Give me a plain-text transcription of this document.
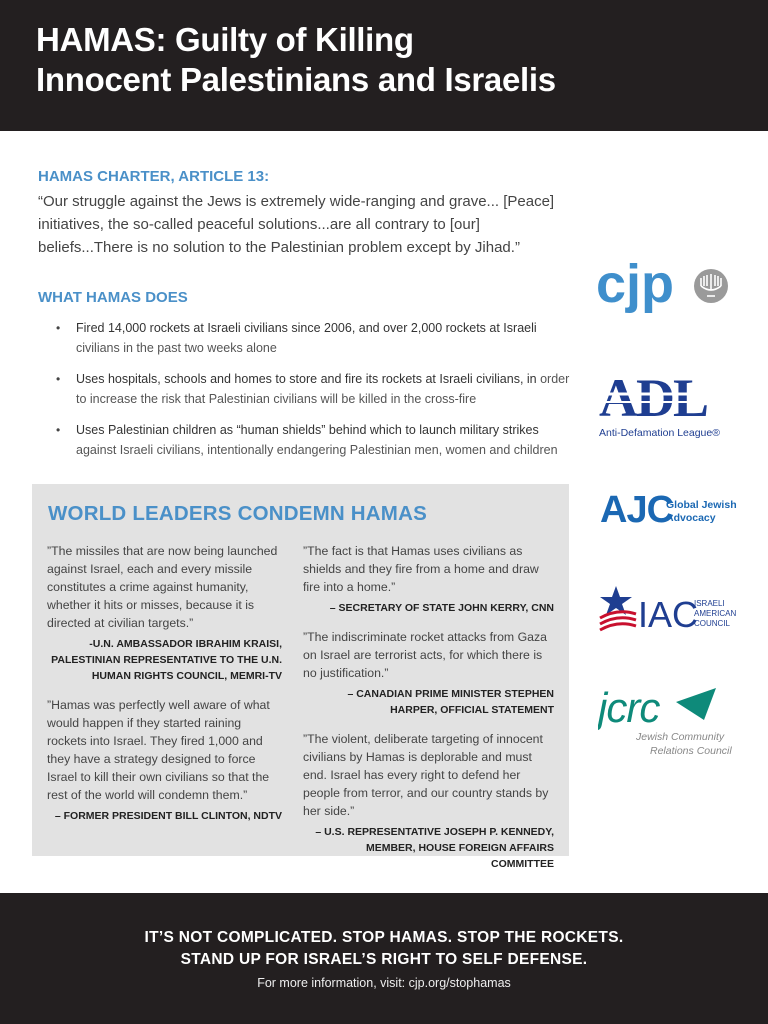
HAMAS: Guilty of Killing
Innocent Palestinians and Israelis
HAMAS CHARTER, ARTICLE 13:

“Our struggle against the Jews is extremely wide-ranging and grave... [Peace] initiatives, the so-called peaceful solutions...are all contrary to [our] beliefs...There is no solution to the Palestinian problem except by Jihad.”

WHAT HAMAS DOES
• Fired 14,000 rockets at Israeli civilians since 2006, and over 2,000 rockets at Israeli civilians in the past two weeks alone
• Uses hospitals, schools and homes to store and fire its rockets at Israeli civilians, in order to increase the risk that Palestinian civilians will be killed in the cross-fire
• Uses Palestinian children as “human shields” behind which to launch military strikes against Israeli civilians, intentionally endangering Palestinian men, women and children
WORLD LEADERS CONDEMN HAMAS

”The missiles that are now being launched against Israel, each and every missile constitutes a crime against humanity, whether it hits or misses, because it is directed at civilian targets.”

-U.N. AMBASSADOR IBRAHIM KRAISI, PALESTINIAN REPRESENTATIVE TO THE U.N. HUMAN RIGHTS COUNCIL, MEMRI-TV

”Hamas was perfectly well aware of what would happen if they started raining rockets into Israel. They fired 1,000 and they have a strategy designed to force Israel to kill their own civilians so that the rest of the world will condemn them.”

– FORMER PRESIDENT BILL CLINTON, NDTV

”The fact is that Hamas uses civilians as shields and they fire from a home and draw fire into a home.”

– SECRETARY OF STATE JOHN KERRY, CNN

”The indiscriminate rocket attacks from Gaza on Israel are terrorist acts, for which there is no justification.”

– CANADIAN PRIME MINISTER STEPHEN HARPER, OFFICIAL STATEMENT

”The violent, deliberate targeting of innocent civilians by Hamas is deplorable and must end. Israel has every right to defend her people from terror, and our country stands by her side.”

– U.S. REPRESENTATIVE JOSEPH P. KENNEDY, MEMBER, HOUSE FOREIGN AFFAIRS COMMITTEE

cjp
ADL
Anti-Defamation League®
AJC
Global Jewish
Advocacy
IAC
ISRAELI
AMERICAN
COUNCIL
jcrc
Jewish Community
Relations Council
IT’S NOT COMPLICATED. STOP HAMAS. STOP THE ROCKETS.
STAND UP FOR ISRAEL’S RIGHT TO SELF DEFENSE.
For more information, visit: cjp.org/stophamas
